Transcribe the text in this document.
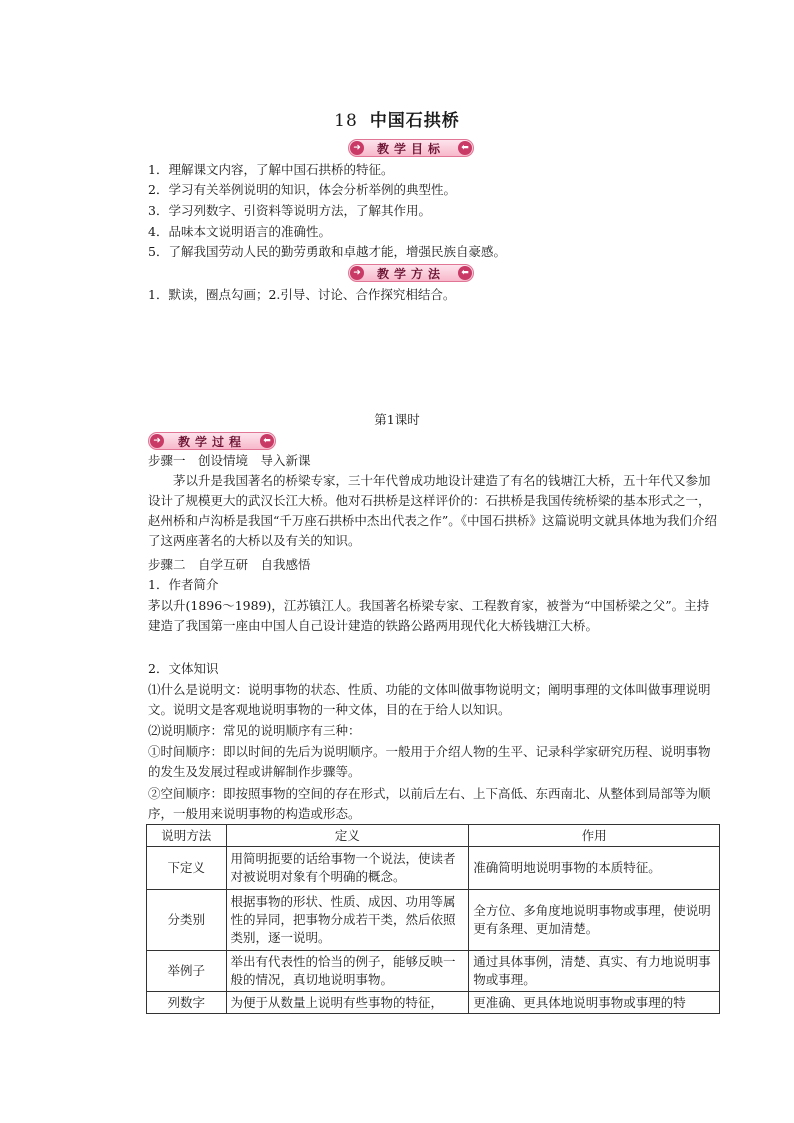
18 中国石拱桥
➜ 教学目标	⬅
1．理解课文内容，了解中国石拱桥的特征。
2．学习有关举例说明的知识，体会分析举例的典型性。
3．学习列数字、引资料等说明方法，了解其作用。
4．品味本文说明语言的准确性。
5．了解我国劳动人民的勤劳勇敢和卓越才能，增强民族自豪感。
➜ 教学方法	⬅
1．默读，圈点勾画；2.引导、讨论、合作探究相结合。
第1课时
➜ 教学过程	⬅
步骤一　创设情境　导入新课
茅以升是我国著名的桥梁专家，三十年代曾成功地设计建造了有名的钱塘江大桥，五十年代又参加设计了规模更大的武汉长江大桥。他对石拱桥是这样评价的：石拱桥是我国传统桥梁的基本形式之一，赵州桥和卢沟桥是我国“千万座石拱桥中杰出代表之作”。《中国石拱桥》这篇说明文就具体地为我们介绍了这两座著名的大桥以及有关的知识。
步骤二　自学互研　自我感悟
1．作者简介
茅以升(1896～1989)，江苏镇江人。我国著名桥梁专家、工程教育家，被誉为“中国桥梁之父”。主持建造了我国第一座由中国人自己设计建造的铁路公路两用现代化大桥钱塘江大桥。
2．文体知识
⑴什么是说明文：说明事物的状态、性质、功能的文体叫做事物说明文；阐明事理的文体叫做事理说明文。说明文是客观地说明事物的一种文体，目的在于给人以知识。
⑵说明顺序：常见的说明顺序有三种：
①时间顺序：即以时间的先后为说明顺序。一般用于介绍人物的生平、记录科学家研究历程、说明事物的发生及发展过程或讲解制作步骤等。
②空间顺序：即按照事物的空间的存在形式，以前后左右、上下高低、东西南北、从整体到局部等为顺序，一般用来说明事物的构造或形态。
说明方法	定义	作用
下定义	用简明扼要的话给事物一个说法，使读者对被说明对象有个明确的概念。	准确简明地说明事物的本质特征。
分类别	根据事物的形状、性质、成因、功用等属性的异同，把事物分成若干类，然后依照类别，逐一说明。	全方位、多角度地说明事物或事理，使说明更有条理、更加清楚。
举例子	举出有代表性的恰当的例子，能够反映一般的情况，真切地说明事物。	通过具体事例，清楚、真实、有力地说明事物或事理。
列数字	为便于从数量上说明有些事物的特征，	更准确、更具体地说明事物或事理的特
